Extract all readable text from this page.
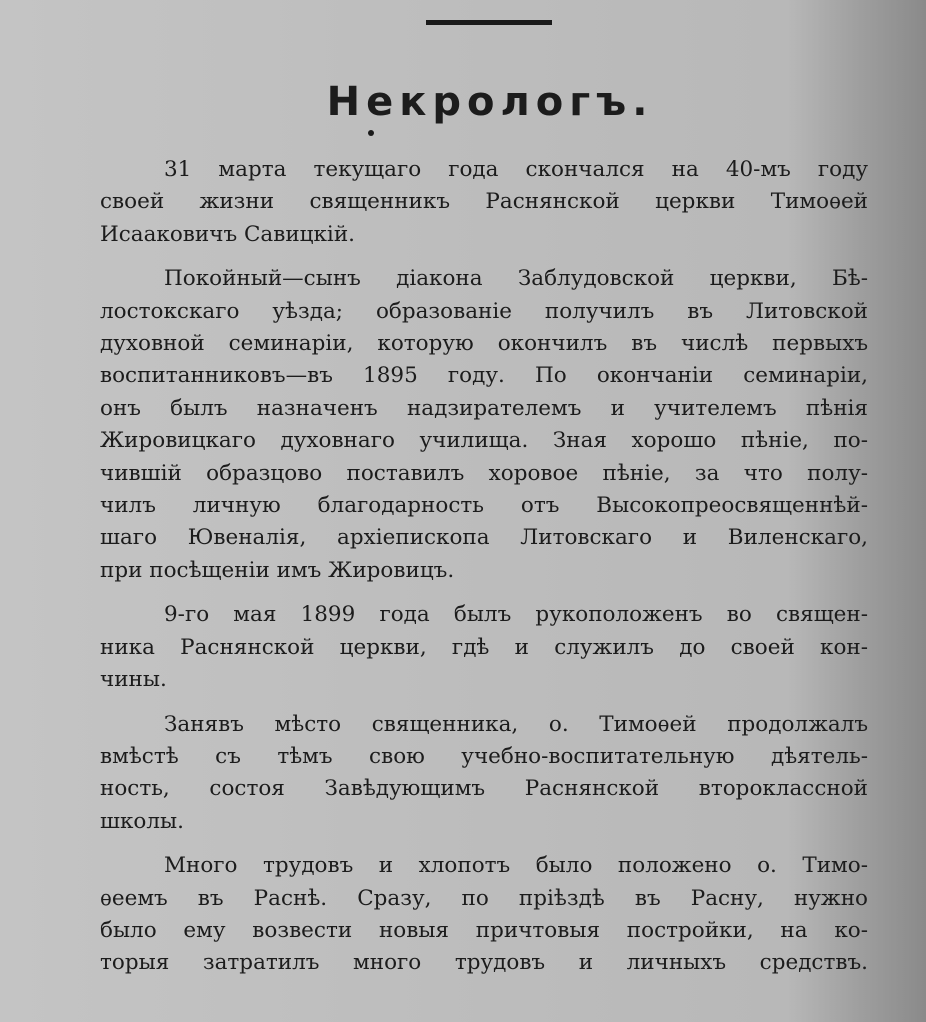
Некрологъ.

31 марта текущаго года скончался на 40-мъ году
своей жизни священникъ Раснянской церкви Тимоѳей
Исааковичъ Савицкій.

Покойный—сынъ діакона Заблудовской церкви, Бѣ-
лостокскаго уѣзда; образованіе получилъ въ Литовской
духовной семинаріи, которую окончилъ въ числѣ первыхъ
воспитанниковъ—въ 1895 году. По окончаніи семинаріи,
онъ былъ назначенъ надзирателемъ и учителемъ пѣнія
Жировицкаго духовнаго училища. Зная хорошо пѣніе, по-
чившій образцово поставилъ хоровое пѣніе, за что полу-
чилъ личную благодарность отъ Высокопреосвященнѣй-
шаго Ювеналія, архіепископа Литовскаго и Виленскаго,
при посѣщеніи имъ Жировицъ.

9-го мая 1899 года былъ рукоположенъ во священ-
ника Раснянской церкви, гдѣ и служилъ до своей кон-
чины.

Занявъ мѣсто священника, о. Тимоѳей продолжалъ
вмѣстѣ съ тѣмъ свою учебно-воспитательную дѣятель-
ность, состоя Завѣдующимъ Раснянской второклассной
школы.

Много трудовъ и хлопотъ было положено о. Тимо-
ѳеемъ въ Раснѣ. Сразу, по пріѣздѣ въ Расну, нужно
было ему возвести новыя причтовыя постройки, на ко-
торыя затратилъ много трудовъ и личныхъ средствъ.
